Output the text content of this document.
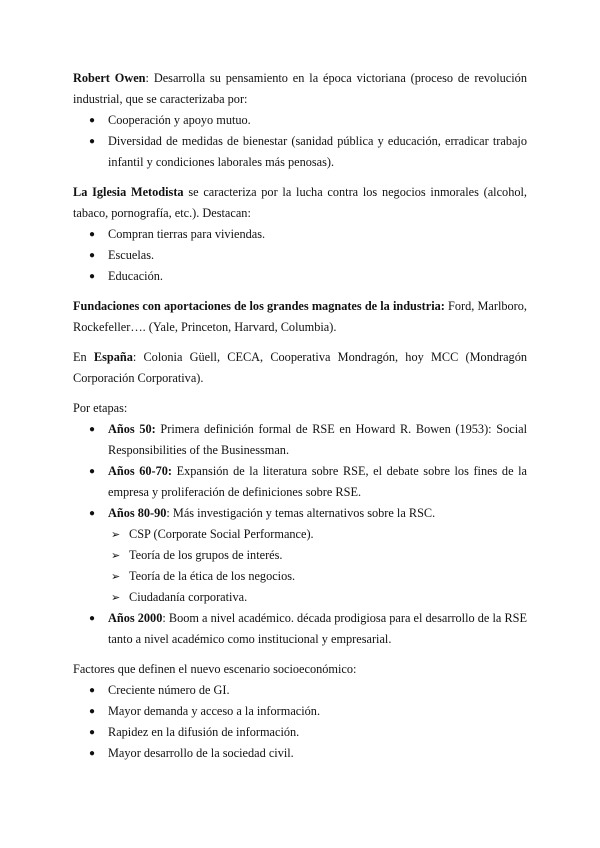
Robert Owen: Desarrolla su pensamiento en la época victoriana (proceso de revolución industrial, que se caracterizaba por:

● Cooperación y apoyo mutuo.
● Diversidad de medidas de bienestar (sanidad pública y educación, erradicar trabajo infantil y condiciones laborales más penosas).

La Iglesia Metodista se caracteriza por la lucha contra los negocios inmorales (alcohol, tabaco, pornografía, etc.). Destacan:

● Compran tierras para viviendas.
● Escuelas.
● Educación.

Fundaciones con aportaciones de los grandes magnates de la industria: Ford, Marlboro, Rockefeller…. (Yale, Princeton, Harvard, Columbia).

En España: Colonia Güell, CECA, Cooperativa Mondragón, hoy MCC (Mondragón Corporación Corporativa).

Por etapas:

● Años 50: Primera definición formal de RSE en Howard R. Bowen (1953): Social Responsibilities of the Businessman.
● Años 60-70: Expansión de la literatura sobre RSE, el debate sobre los fines de la empresa y proliferación de definiciones sobre RSE.
● Años 80-90: Más investigación y temas alternativos sobre la RSC.
➢ CSP (Corporate Social Performance).
➢ Teoría de los grupos de interés.
➢ Teoría de la ética de los negocios.
➢ Ciudadanía corporativa.
● Años 2000: Boom a nivel académico. década prodigiosa para el desarrollo de la RSE tanto a nivel académico como institucional y empresarial.

Factores que definen el nuevo escenario socioeconómico:

● Creciente número de GI.
● Mayor demanda y acceso a la información.
● Rapidez en la difusión de información.
● Mayor desarrollo de la sociedad civil.
